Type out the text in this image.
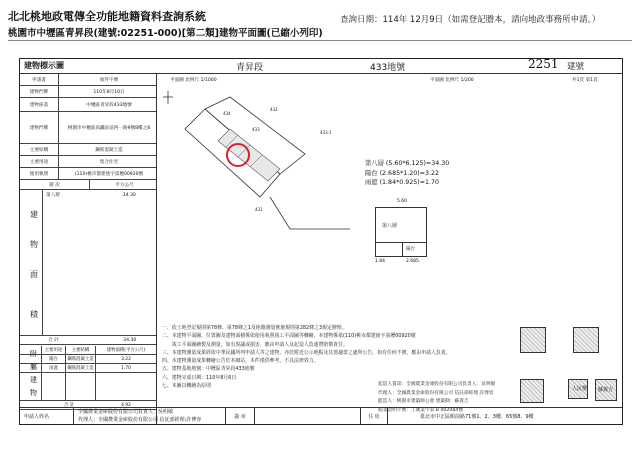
北北桃地政電傳全功能地籍資料查詢系統	查詢日期：114年 12月9日（如需登記謄本，請向地政事務所申請。）
桃園市中壢區青昇段(建號:02251-000)[第二類]建物平面圖(已縮小列印)
建物標示圖	青昇段	433地號	2251 建號
平面圖 比例尺 1/1000	平面圖 比例尺 1/200	共1頁 第1頁
申請書	收件字號
建物門牌	110年8月10日
建物座落	中壢區青昇段433地號
建物門牌	桃園市中壢區高鐵站前西一路9號8樓之8
主要結構	鋼筋混凝土造
主要用途	集合住宅
使用執照	(110)桃市都建使字第壢00920號
層 次	平方公尺
第八層	34.30
建
物
面
積
合 計	34.30
主要用途	主要結構	建物面積(平方公尺)
陽台	鋼筋混凝土造	3.22
雨遮	鋼筋混凝土造	1.70
合 計	4.92
附
屬
建
物
434
432
433
433-1
431
第八層 (5.60*6.125)=34.30
陽台 (2.685*1.20)=3.22
雨遮 (1.84*0.925)=1.70
第八層
陽台
5.60
1.84	2.685
一、依土地登記規則第78條、第78條之1及地籍測量實施規則第282條之3規定辦理。
二、本建物平面圖、位置圖及建物面積係依使用執照竣工平面圖等轉繪，本建物係依(110)桃市都建使字第壢00920號
　　竣工平面圖繪製及測量，如有異議或損害，應由申請人及起造人負連帶賠償責任。
三、本建物測量成果經依中華民國所列申請人等之建物，亦於附近公示地點及其他適當之處所公告，如有任何不實，應由申請人負責。
四、本建物測量成果轉繪公告於本網站，本件僅供參考，不具法律效力。
五、建物基地地號：中壢區青昇段433地號
六、建物完成日期：110年8月6日
七、本圖以轉繪為原則	人民幣 蘇義吉
起造人資訊：全國農業金庫股份有限公司負責人：吳明敏
代理人：全國農業金庫股份有限公司 信託部經理 許博容
監造人：桃園市建築師公會 建築師：蘇義吉
開業證明字號：工測業字第 B 002084號
申請人姓名
全國農業金庫股份有限公司負責人：吳明敏
代理人：全國農業金庫股份有限公司 信託部經理:許博容
簽 章	住 址	臺北市中正區館前路71號1、2、3樓、65號8、9樓
